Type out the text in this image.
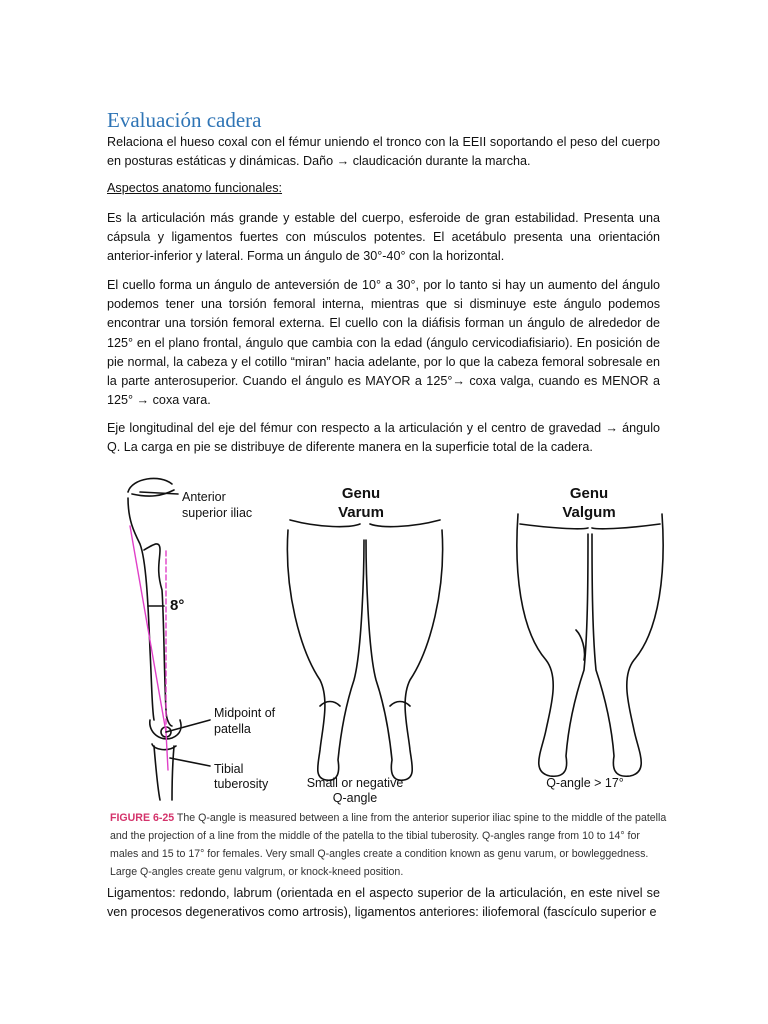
Evaluación cadera

Relaciona el hueso coxal con el fémur uniendo el tronco con la EEII soportando el peso del cuerpo en posturas estáticas y dinámicas. Daño → claudicación durante la marcha.

Aspectos anatomo funcionales:

Es la articulación más grande y estable del cuerpo, esferoide de gran estabilidad. Presenta una cápsula y ligamentos fuertes con músculos potentes. El acetábulo presenta una orientación anterior-inferior y lateral. Forma un ángulo de 30°-40° con la horizontal.

El cuello forma un ángulo de anteversión de 10° a 30°, por lo tanto si hay un aumento del ángulo podemos tener una torsión femoral interna, mientras que si disminuye este ángulo podemos encontrar una torsión femoral externa. El cuello con la diáfisis forman un ángulo de alrededor de 125° en el plano frontal, ángulo que cambia con la edad (ángulo cervicodiafisiario). En posición de pie normal, la cabeza y el cotillo “miran” hacia adelante, por lo que la cabeza femoral sobresale en la parte anterosuperior. Cuando el ángulo es MAYOR a 125°→ coxa valga, cuando es MENOR a 125° → coxa vara.

Eje longitudinal del eje del fémur con respecto a la articulación y el centro de gravedad → ángulo Q. La carga en pie se distribuye de diferente manera en la superficie total de la cadera.

Anterior
superior iliac
8°
Midpoint of
patella
Tibial
tuberosity
Genu
Varum
Genu
Valgum
Small or negative
Q-angle
Q-angle > 17°
FIGURE 6-25 The Q-angle is measured between a line from the anterior superior iliac spine to the middle of the patella and the projection of a line from the middle of the patella to the tibial tuberosity. Q-angles range from 10 to 14° for males and 15 to 17° for females. Very small Q-angles create a condition known as genu varum, or bowleggedness. Large Q-angles create genu valgrum, or knock-kneed position.

Ligamentos: redondo, labrum (orientada en el aspecto superior de la articulación, en este nivel se ven procesos degenerativos como artrosis), ligamentos anteriores: iliofemoral (fascículo superior e
